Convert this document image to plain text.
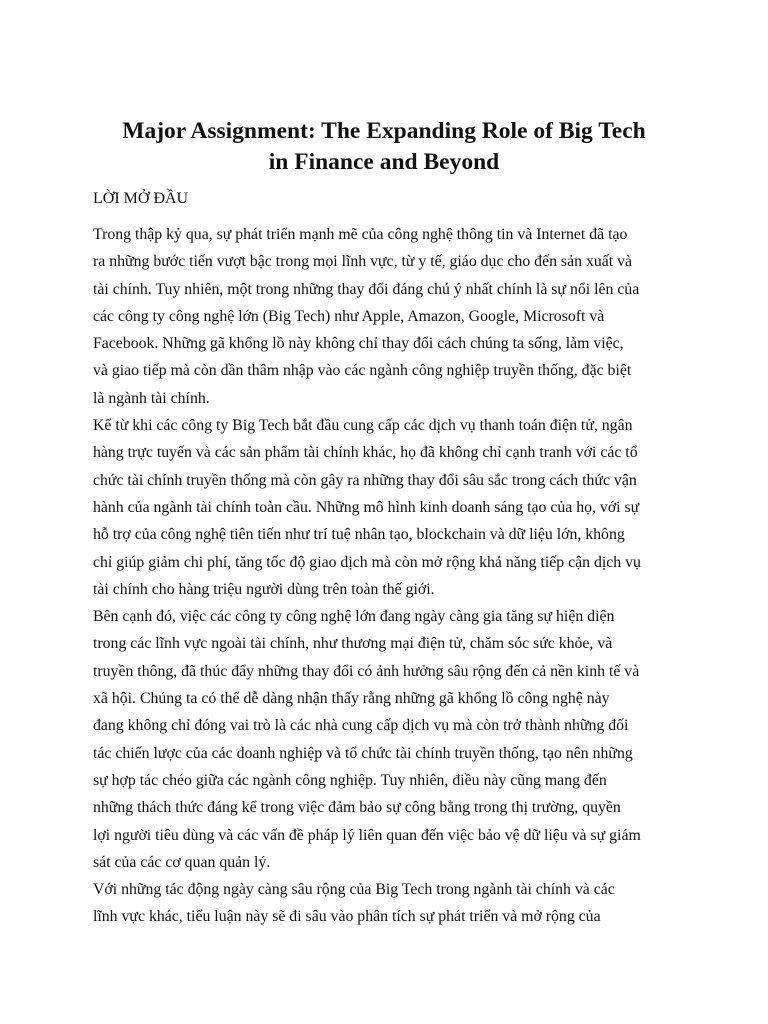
Major Assignment: The Expanding Role of Big Tech
in Finance and Beyond
LỜI MỞ ĐẦU

Trong thập kỷ qua, sự phát triển mạnh mẽ của công nghệ thông tin và Internet đã tạo
ra những bước tiến vượt bậc trong mọi lĩnh vực, từ y tế, giáo dục cho đến sản xuất và
tài chính. Tuy nhiên, một trong những thay đổi đáng chú ý nhất chính là sự nổi lên của
các công ty công nghệ lớn (Big Tech) như Apple, Amazon, Google, Microsoft và
Facebook. Những gã khổng lồ này không chỉ thay đổi cách chúng ta sống, làm việc,
và giao tiếp mà còn dần thâm nhập vào các ngành công nghiệp truyền thống, đặc biệt
là ngành tài chính.

Kể từ khi các công ty Big Tech bắt đầu cung cấp các dịch vụ thanh toán điện tử, ngân
hàng trực tuyến và các sản phẩm tài chính khác, họ đã không chỉ cạnh tranh với các tổ
chức tài chính truyền thống mà còn gây ra những thay đổi sâu sắc trong cách thức vận
hành của ngành tài chính toàn cầu. Những mô hình kinh doanh sáng tạo của họ, với sự
hỗ trợ của công nghệ tiên tiến như trí tuệ nhân tạo, blockchain và dữ liệu lớn, không
chỉ giúp giảm chi phí, tăng tốc độ giao dịch mà còn mở rộng khả năng tiếp cận dịch vụ
tài chính cho hàng triệu người dùng trên toàn thế giới.

Bên cạnh đó, việc các công ty công nghệ lớn đang ngày càng gia tăng sự hiện diện
trong các lĩnh vực ngoài tài chính, như thương mại điện tử, chăm sóc sức khỏe, và
truyền thông, đã thúc đẩy những thay đổi có ảnh hưởng sâu rộng đến cả nền kinh tế và
xã hội. Chúng ta có thể dễ dàng nhận thấy rằng những gã khổng lồ công nghệ này
đang không chỉ đóng vai trò là các nhà cung cấp dịch vụ mà còn trở thành những đối
tác chiến lược của các doanh nghiệp và tổ chức tài chính truyền thống, tạo nên những
sự hợp tác chéo giữa các ngành công nghiệp. Tuy nhiên, điều này cũng mang đến
những thách thức đáng kể trong việc đảm bảo sự công bằng trong thị trường, quyền
lợi người tiêu dùng và các vấn đề pháp lý liên quan đến việc bảo vệ dữ liệu và sự giám
sát của các cơ quan quản lý.

Với những tác động ngày càng sâu rộng của Big Tech trong ngành tài chính và các
lĩnh vực khác, tiểu luận này sẽ đi sâu vào phân tích sự phát triển và mở rộng của
